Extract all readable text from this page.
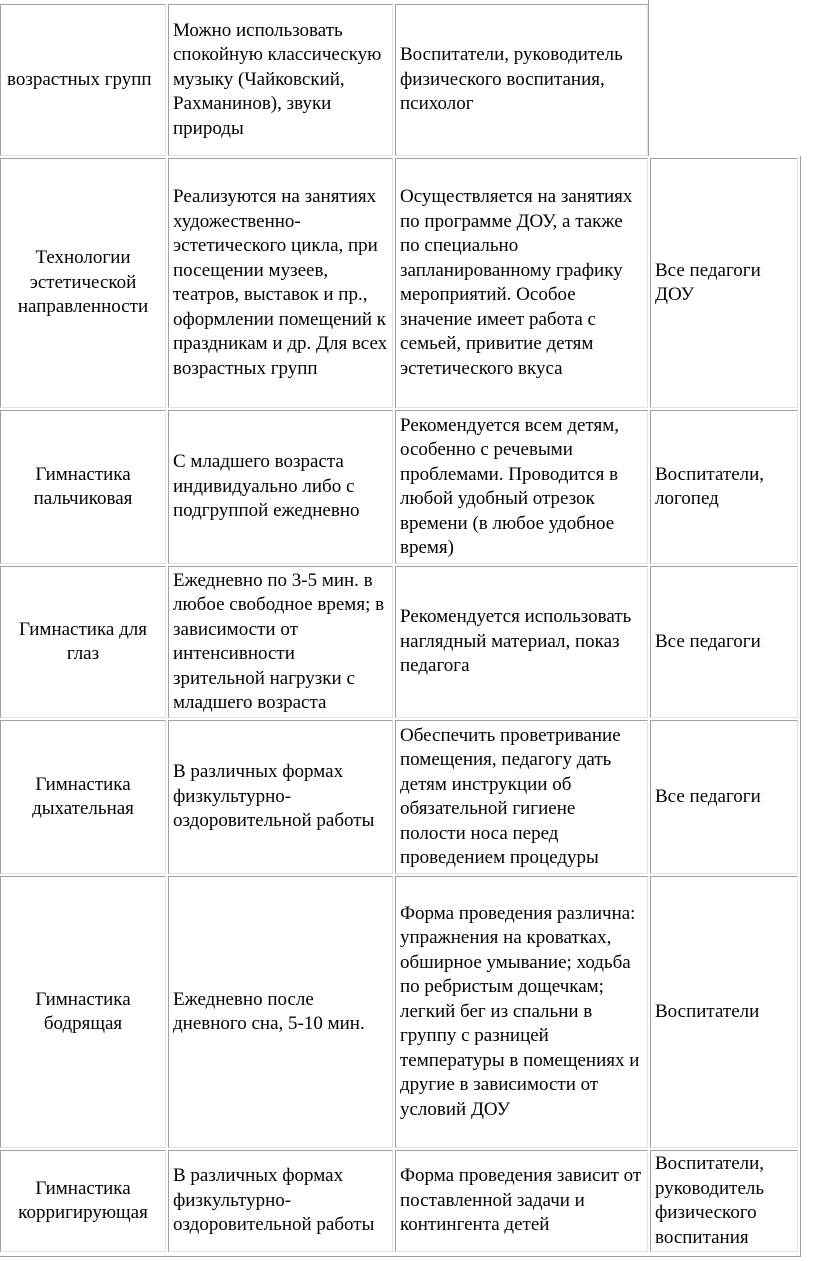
возрастных групп
Можно использовать спокойную классическую музыку (Чайковский, Рахманинов), звуки природы
Воспитатели, руководитель физического воспитания, психолог
Технологии эстетической направленности
Реализуются на занятиях художественно-эстетического цикла, при посещении музеев, театров, выставок и пр., оформлении помещений к праздникам и др. Для всех возрастных групп
Осуществляется на занятиях по программе ДОУ, а также по специально запланированному графику мероприятий. Особое значение имеет работа с семьей, привитие детям эстетического вкуса
Все педагоги ДОУ
Гимнастика пальчиковая
С младшего возраста индивидуально либо с подгруппой ежедневно
Рекомендуется всем детям, особенно с речевыми проблемами. Проводится в любой удобный отрезок времени (в любое удобное время)
Воспитатели, логопед
Гимнастика для глаз
Ежедневно по 3-5 мин. в любое свободное время; в зависимости от интенсивности зрительной нагрузки с младшего возраста
Рекомендуется использовать наглядный материал, показ педагога
Все педагоги
Гимнастика дыхательная
В различных формах физкультурно-оздоровительной работы
Обеспечить проветривание помещения, педагогу дать детям инструкции об обязательной гигиене полости носа перед проведением процедуры
Все педагоги
Гимнастика бодрящая
Ежедневно после дневного сна, 5-10 мин.
Форма проведения различна: упражнения на кроватках, обширное умывание; ходьба по ребристым дощечкам; легкий бег из спальни в группу с разницей температуры в помещениях и другие в зависимости от условий ДОУ
Воспитатели
Гимнастика корригирующая
В различных формах физкультурно-оздоровительной работы
Форма проведения зависит от поставленной задачи и контингента детей
Воспитатели, руководитель физического воспитания
